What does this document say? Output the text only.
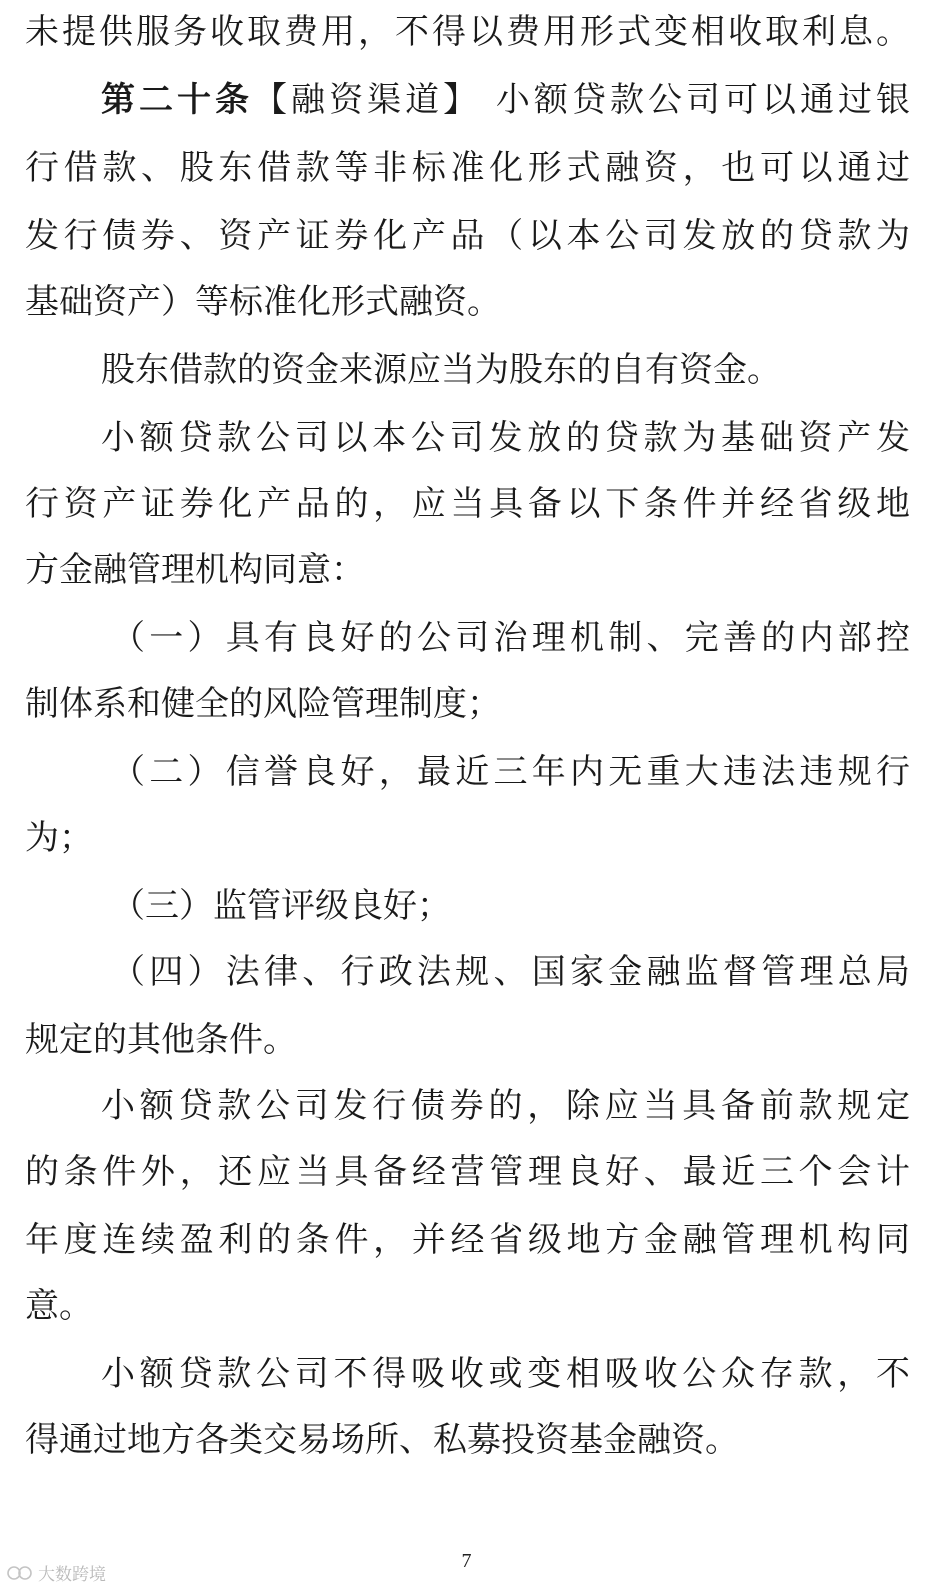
未提供服务收取费用，不得以费用形式变相收取利息。
第二十条【融资渠道】 小额贷款公司可以通过银
行借款、股东借款等非标准化形式融资，也可以通过
发行债券、资产证券化产品（以本公司发放的贷款为
基础资产）等标准化形式融资。
股东借款的资金来源应当为股东的自有资金。
小额贷款公司以本公司发放的贷款为基础资产发
行资产证券化产品的，应当具备以下条件并经省级地
方金融管理机构同意：
（一）具有良好的公司治理机制、完善的内部控
制体系和健全的风险管理制度；
（二）信誉良好，最近三年内无重大违法违规行
为；
（三）监管评级良好；
（四）法律、行政法规、国家金融监督管理总局
规定的其他条件。
小额贷款公司发行债券的，除应当具备前款规定
的条件外，还应当具备经营管理良好、最近三个会计
年度连续盈利的条件，并经省级地方金融管理机构同
意。
小额贷款公司不得吸收或变相吸收公众存款，不
得通过地方各类交易场所、私募投资基金融资。
7
大数跨境
